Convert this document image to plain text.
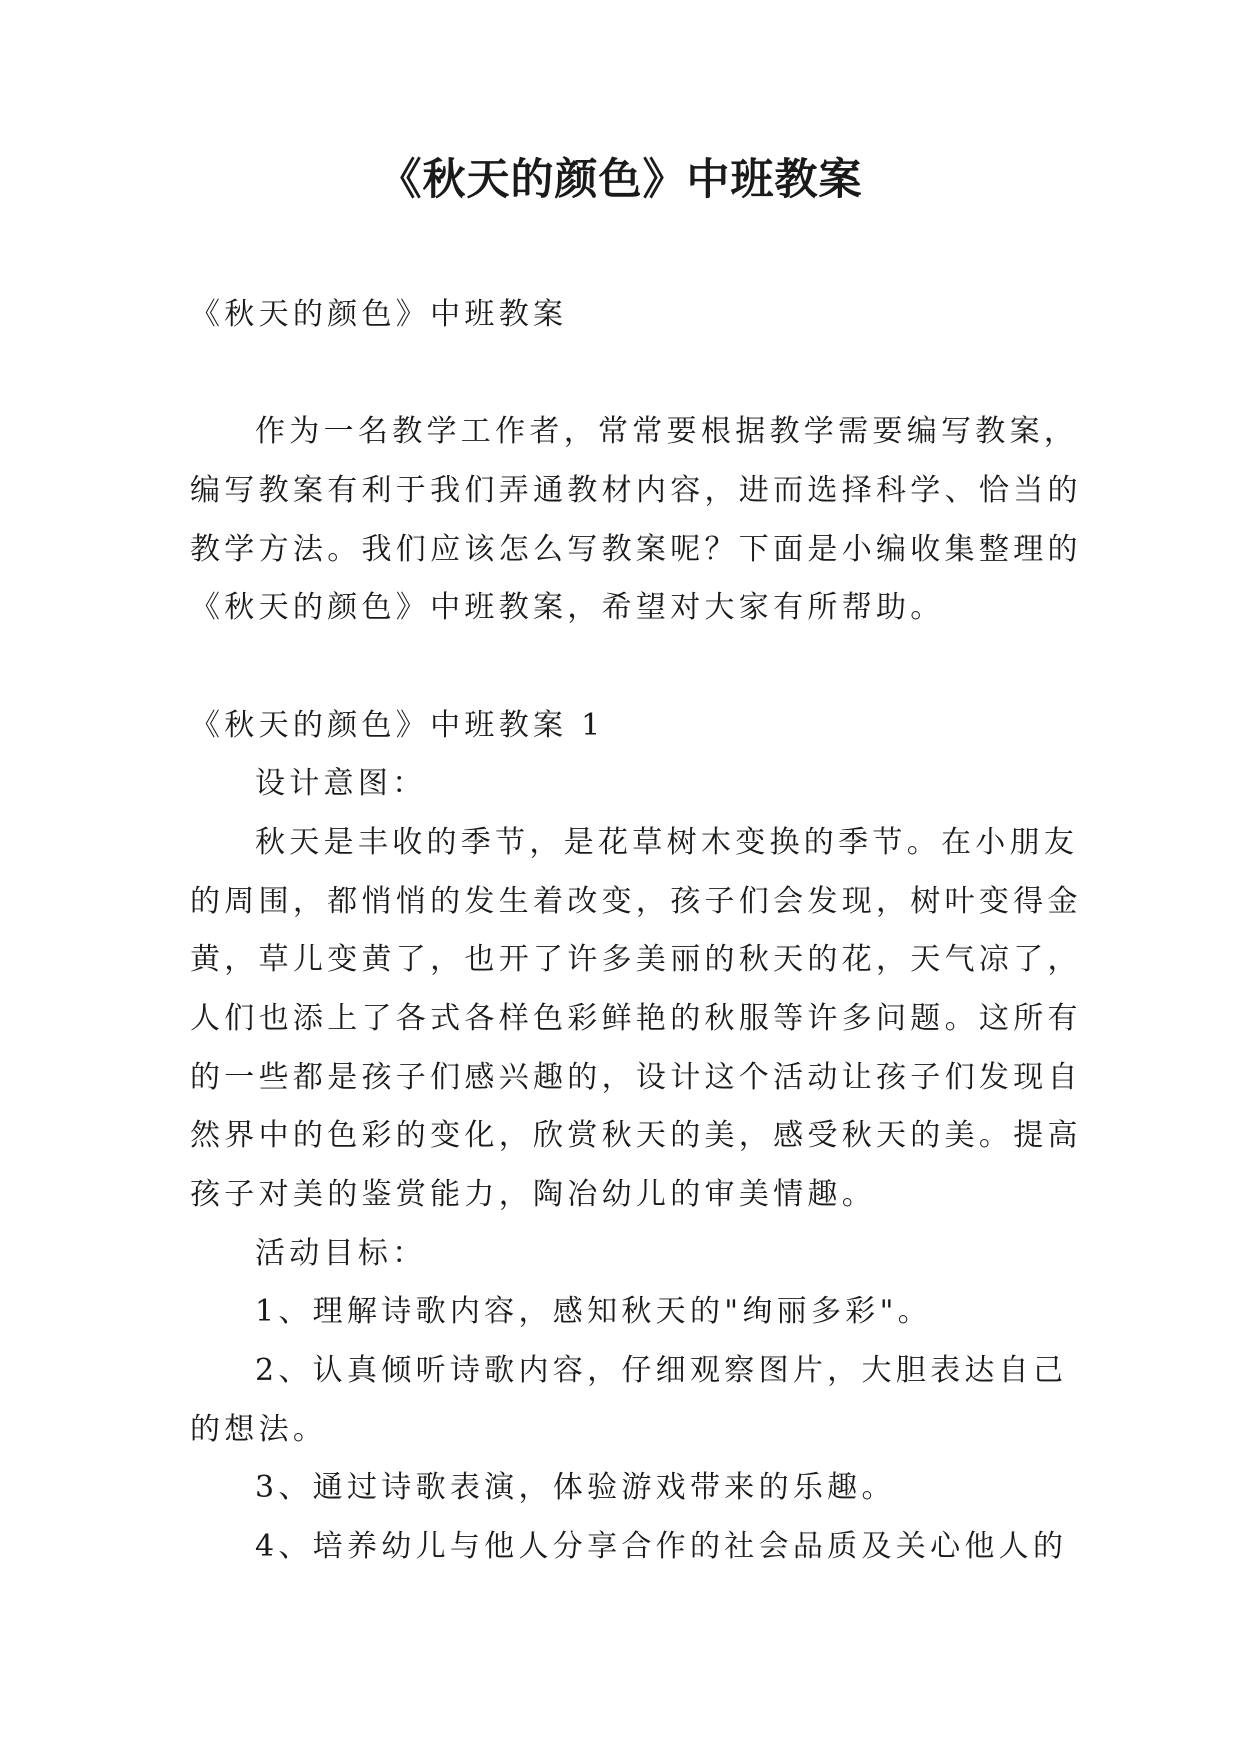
《秋天的颜色》中班教案

《秋天的颜色》中班教案

作为一名教学工作者，常常要根据教学需要编写教案，

编写教案有利于我们弄通教材内容，进而选择科学、恰当的

教学方法。我们应该怎么写教案呢？下面是小编收集整理的

《秋天的颜色》中班教案，希望对大家有所帮助。

《秋天的颜色》中班教案 1

设计意图：

秋天是丰收的季节，是花草树木变换的季节。在小朋友

的周围，都悄悄的发生着改变，孩子们会发现，树叶变得金

黄，草儿变黄了，也开了许多美丽的秋天的花，天气凉了，

人们也添上了各式各样色彩鲜艳的秋服等许多问题。这所有

的一些都是孩子们感兴趣的，设计这个活动让孩子们发现自

然界中的色彩的变化，欣赏秋天的美，感受秋天的美。提高

孩子对美的鉴赏能力，陶冶幼儿的审美情趣。

活动目标：

1、理解诗歌内容，感知秋天的"绚丽多彩"。

2、认真倾听诗歌内容，仔细观察图片，大胆表达自己

的想法。

3、通过诗歌表演，体验游戏带来的乐趣。

4、培养幼儿与他人分享合作的社会品质及关心他人的
